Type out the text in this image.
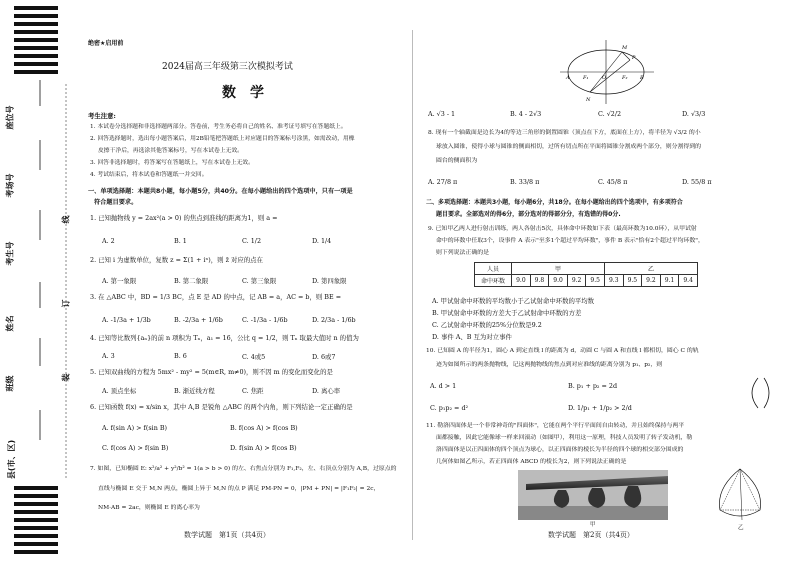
座位号
考场号
考生号
姓名
班级
县(市、区)
线
订
装
绝密★启用前
2024届高三年级第三次模拟考试
数　学

考生注意:

1. 本试卷分选择题和非选择题两部分。答卷前，考生务必将自己的姓名、准考证号填写在答题纸上。

2. 回答选择题时，选出每小题答案后，用2B铅笔把答题纸上对应题目的答案标号涂黑，如需改动，用橡

皮擦干净后，再选涂其他答案标号，写在本试卷上无效。

3. 回答非选择题时，将答案写在答题纸上，写在本试卷上无效。

4. 考试结束后，将本试卷和答题纸一并交回。

一、单项选择题：本题共8小题，每小题5分，共40分。在每小题给出的四个选项中，只有一项是

符合题目要求。

1. 已知抛物线 y = 2ax²(a > 0) 的焦点到准线的距离为1，则 a =

A. 2	B. 1	C. 1/2	D. 1/4

2. 已知 i 为虚数单位，复数 z = Σ(1 + iⁿ)，则 z̄ 对应的点在

A. 第一象限	B. 第二象限	C. 第三象限	D. 第四象限

3. 在 △ABC 中，BD = 1/3 BC，点 E 是 AD 的中点，记 AB = a，AC = b，则 BE =

A. -1/3a + 1/3b	B. -2/3a + 1/6b	C. -1/3a - 1/6b	D. 2/3a - 1/6b

4. 已知等比数列{aₙ}的前 n 项积为 Tₙ，a₁ = 16，公比 q = 1/2，则 Tₙ 取最大值时 n 的值为

A. 3	B. 6	C. 4或5	D. 6或7

5. 已知双曲线的方程为 5mx² - my² = 5(m∈R, m≠0)，则不因 m 的变化而变化的是

A. 顶点坐标	B. 渐近线方程	C. 焦距	D. 离心率

6. 已知函数 f(x) = x/sin x，其中 A,B 是锐角 △ABC 的两个内角，则下列结论一定正确的是

A. f(sin A) > f(sin B)	B. f(cos A) > f(cos B)
C. f(cos A) > f(sin B)	D. f(sin A) > f(cos B)

7. 如图，已知椭圆 E: x²/a² + y²/b² = 1(a > b > 0) 的左、右焦点分别为 F₁,F₂，左、右顶点分别为 A,B，过原点的

直线与椭圆 E 交于 M,N 两点，椭圆上异于 M,N 的点 P 满足 PM·PN = 0，|PM + PN| = |F₁F₂| = 2c，

NM·AB = 2ac，则椭圆 E 的离心率为

数学试题　第1页（共4页）
M
P
A	F₁	O	F₂	B
N
A. √3 - 1	B. 4 - 2√3	C. √2/2	D. √3/3

8. 现有一个轴截面是边长为4的等边三角形的倒置圆锥（顶点在下方，底面在上方），将半径为 √3/2 的小

球放入圆锥，使得小球与圆锥的侧面相切，过所有切点所在平面将圆锥分割成两个部分，则分割得到的

圆台的侧面积为

A. 27/8 π	B. 33/8 π	C. 45/8 π	D. 55/8 π

二、多项选择题：本题共3小题，每小题6分，共18分。在每小题给出的四个选项中，有多项符合

题目要求。全部选对的得6分，部分选对的得部分分，有选错的得0分.

9. 已知甲乙两人进行射击训练，两人各射击5次，具体命中环数如下表（最高环数为10.0环），从甲试射

命中的环数中任取3个，设事件 A 表示"至多1个超过平均环数"，事件 B 表示"恰有2个超过平均环数"，

则下列说法正确的是

人员	甲					乙				
命中环数	9.0	9.8	9.0	9.2	9.5	9.3	9.5	9.2	9.1	9.4

A. 甲试射命中环数的平均数小于乙试射命中环数的平均数

B. 甲试射命中环数的方差大于乙试射命中环数的方差

C. 乙试射命中环数的25%分位数是9.2

D. 事件 A、B 互为对立事件

10. 已知圆 A 的半径为1，圆心 A 到定直线 l 的距离为 d，动圆 C 与圆 A 和直线 l 都相切，圆心 C 的轨

迹为如图所示的两条抛物线，记这两抛物线的焦点到对应准线的距离分别为 p₁、p₂，则

A. d > 1	B. p₁ + p₂ = 2d
C. p₁p₂ = d²	D. 1/p₁ + 1/p₂ > 2/d

11. 勒洛四面体是一个非常神奇的"四面体"，它能在两个平行平面间自由转动，并且始终保持与两平

面都接触，因此它能像球一样来回滚动（如图甲），利用这一原理，科技人员发明了转子发动机，勒

洛四面体是以正四面体的四个顶点为球心，以正四面体的棱长为半径的四个球的相交部分围成的

几何体如图乙所示，若正四面体 ABCD 的棱长为2，则下列说法正确的是

甲	乙
数学试题　第2页（共4页）
